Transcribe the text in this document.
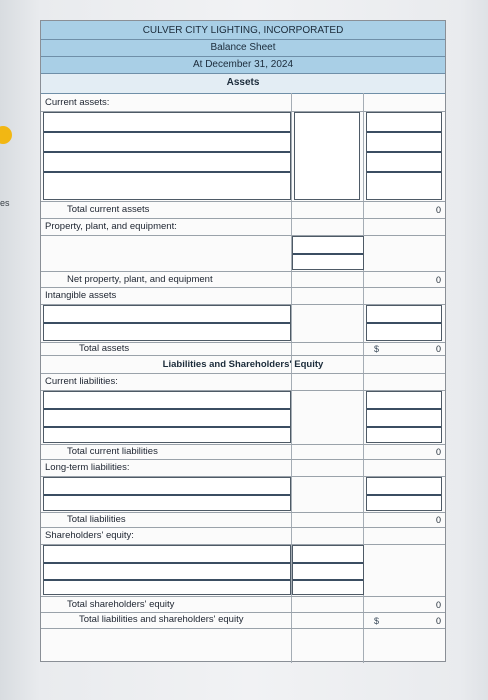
es
CULVER CITY LIGHTING, INCORPORATED
Balance Sheet
At December 31, 2024
Assets
Current assets:
Total current assets	0
Property, plant, and equipment:
Net property, plant, and equipment	0
Intangible assets
Total assets	$	0
Liabilities and Shareholders' Equity
Current liabilities:
Total current liabilities	0
Long-term liabilities:
Total liabilities	0
Shareholders' equity:
Total shareholders' equity	0
Total liabilities and shareholders' equity	$	0
